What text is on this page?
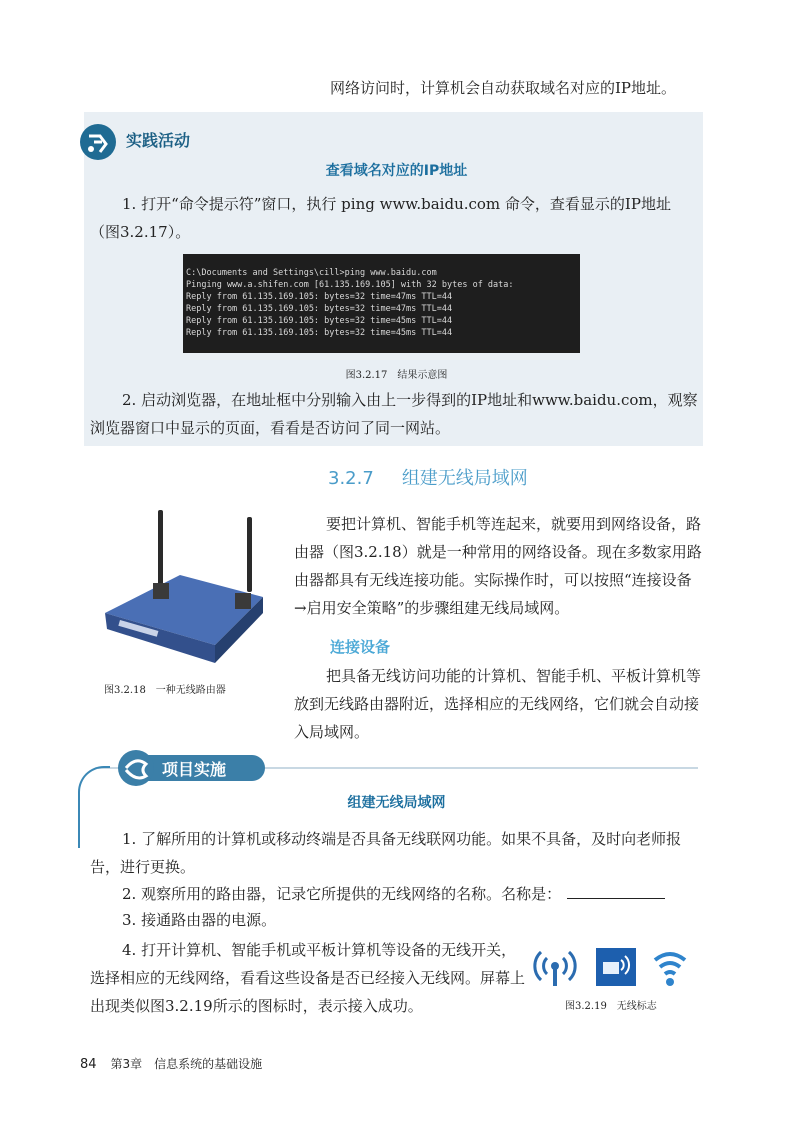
网络访问时，计算机会自动获取域名对应的IP地址。
实践活动
查看域名对应的IP地址
1. 打开“命令提示符”窗口，执行 ping www.baidu.com 命令，查看显示的IP地址（图3.2.17）。

C:\Documents and Settings\cill>ping www.baidu.com
Pinging www.a.shifen.com [61.135.169.105] with 32 bytes of data:
Reply from 61.135.169.105: bytes=32 time=47ms TTL=44
Reply from 61.135.169.105: bytes=32 time=47ms TTL=44
Reply from 61.135.169.105: bytes=32 time=45ms TTL=44
Reply from 61.135.169.105: bytes=32 time=45ms TTL=44

图3.2.17　结果示意图
2. 启动浏览器，在地址框中分别输入由上一步得到的IP地址和www.baidu.com，观察浏览器窗口中显示的页面，看看是否访问了同一网站。
3.2.7 组建无线局域网
图3.2.18　一种无线路由器
要把计算机、智能手机等连起来，就要用到网络设备，路由器（图3.2.18）就是一种常用的网络设备。现在多数家用路由器都具有无线连接功能。实际操作时，可以按照“连接设备→启用安全策略”的步骤组建无线局域网。
连接设备
把具备无线访问功能的计算机、智能手机、平板计算机等放到无线路由器附近，选择相应的无线网络，它们就会自动接入局域网。
项目实施
组建无线局域网
1. 了解所用的计算机或移动终端是否具备无线联网功能。如果不具备，及时向老师报告，进行更换。
2. 观察所用的路由器，记录它所提供的无线网络的名称。名称是：
3. 接通路由器的电源。
4. 打开计算机、智能手机或平板计算机等设备的无线开关，选择相应的无线网络，看看这些设备是否已经接入无线网。屏幕上出现类似图3.2.19所示的图标时，表示接入成功。	图3.2.19　无线标志
84 第3章　信息系统的基础设施
